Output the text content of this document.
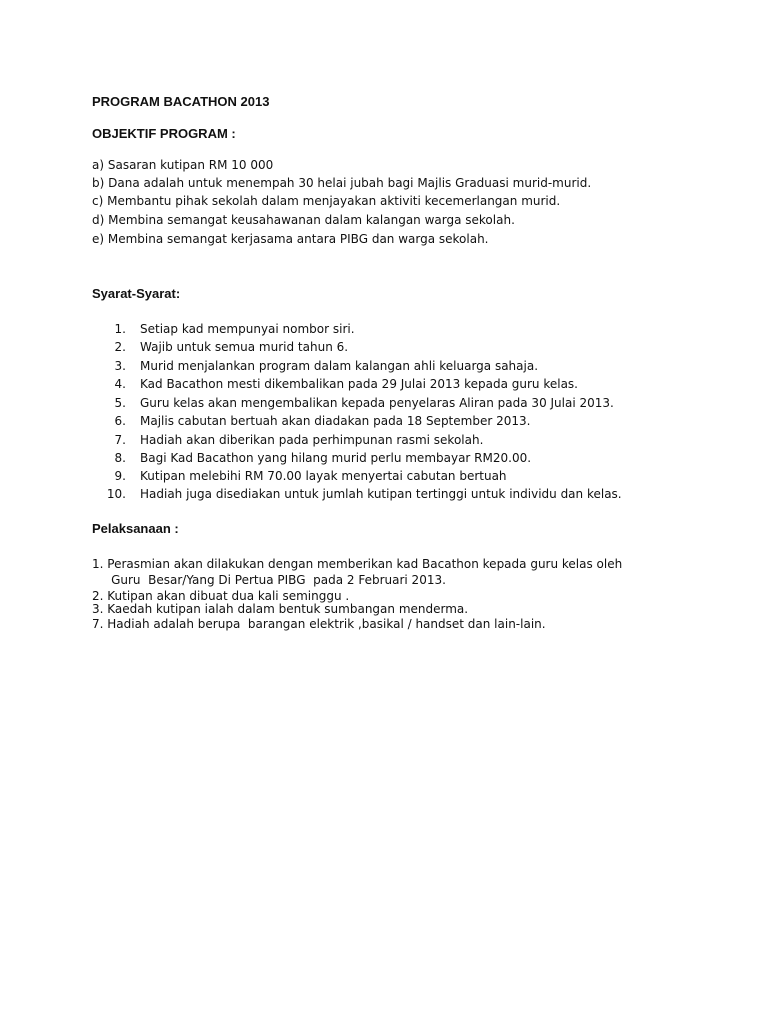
PROGRAM BACATHON 2013
OBJEKTIF PROGRAM :
a) Sasaran kutipan RM 10 000
b) Dana adalah untuk menempah 30 helai jubah bagi Majlis Graduasi murid-murid.
c) Membantu pihak sekolah dalam menjayakan aktiviti kecemerlangan murid.
d) Membina semangat keusahawanan dalam kalangan warga sekolah.
e) Membina semangat kerjasama antara PIBG dan warga sekolah.
Syarat-Syarat:
1. Setiap kad mempunyai nombor siri.
2. Wajib untuk semua murid tahun 6.
3. Murid menjalankan program dalam kalangan ahli keluarga sahaja.
4. Kad Bacathon mesti dikembalikan pada 29 Julai 2013 kepada guru kelas.
5. Guru kelas akan mengembalikan kepada penyelaras Aliran pada 30 Julai 2013.
6. Majlis cabutan bertuah akan diadakan pada 18 September 2013.
7. Hadiah akan diberikan pada perhimpunan rasmi sekolah.
8. Bagi Kad Bacathon yang hilang murid perlu membayar RM20.00.
9. Kutipan melebihi RM 70.00 layak menyertai cabutan bertuah
10. Hadiah juga disediakan untuk jumlah kutipan tertinggi untuk individu dan kelas.
Pelaksanaan :
1. Perasmian akan dilakukan dengan memberikan kad Bacathon kepada guru kelas oleh
Guru  Besar/Yang Di Pertua PIBG  pada 2 Februari 2013.
2. Kutipan akan dibuat dua kali seminggu .
3. Kaedah kutipan ialah dalam bentuk sumbangan menderma.
7. Hadiah adalah berupa  barangan elektrik ,basikal / handset dan lain-lain.
